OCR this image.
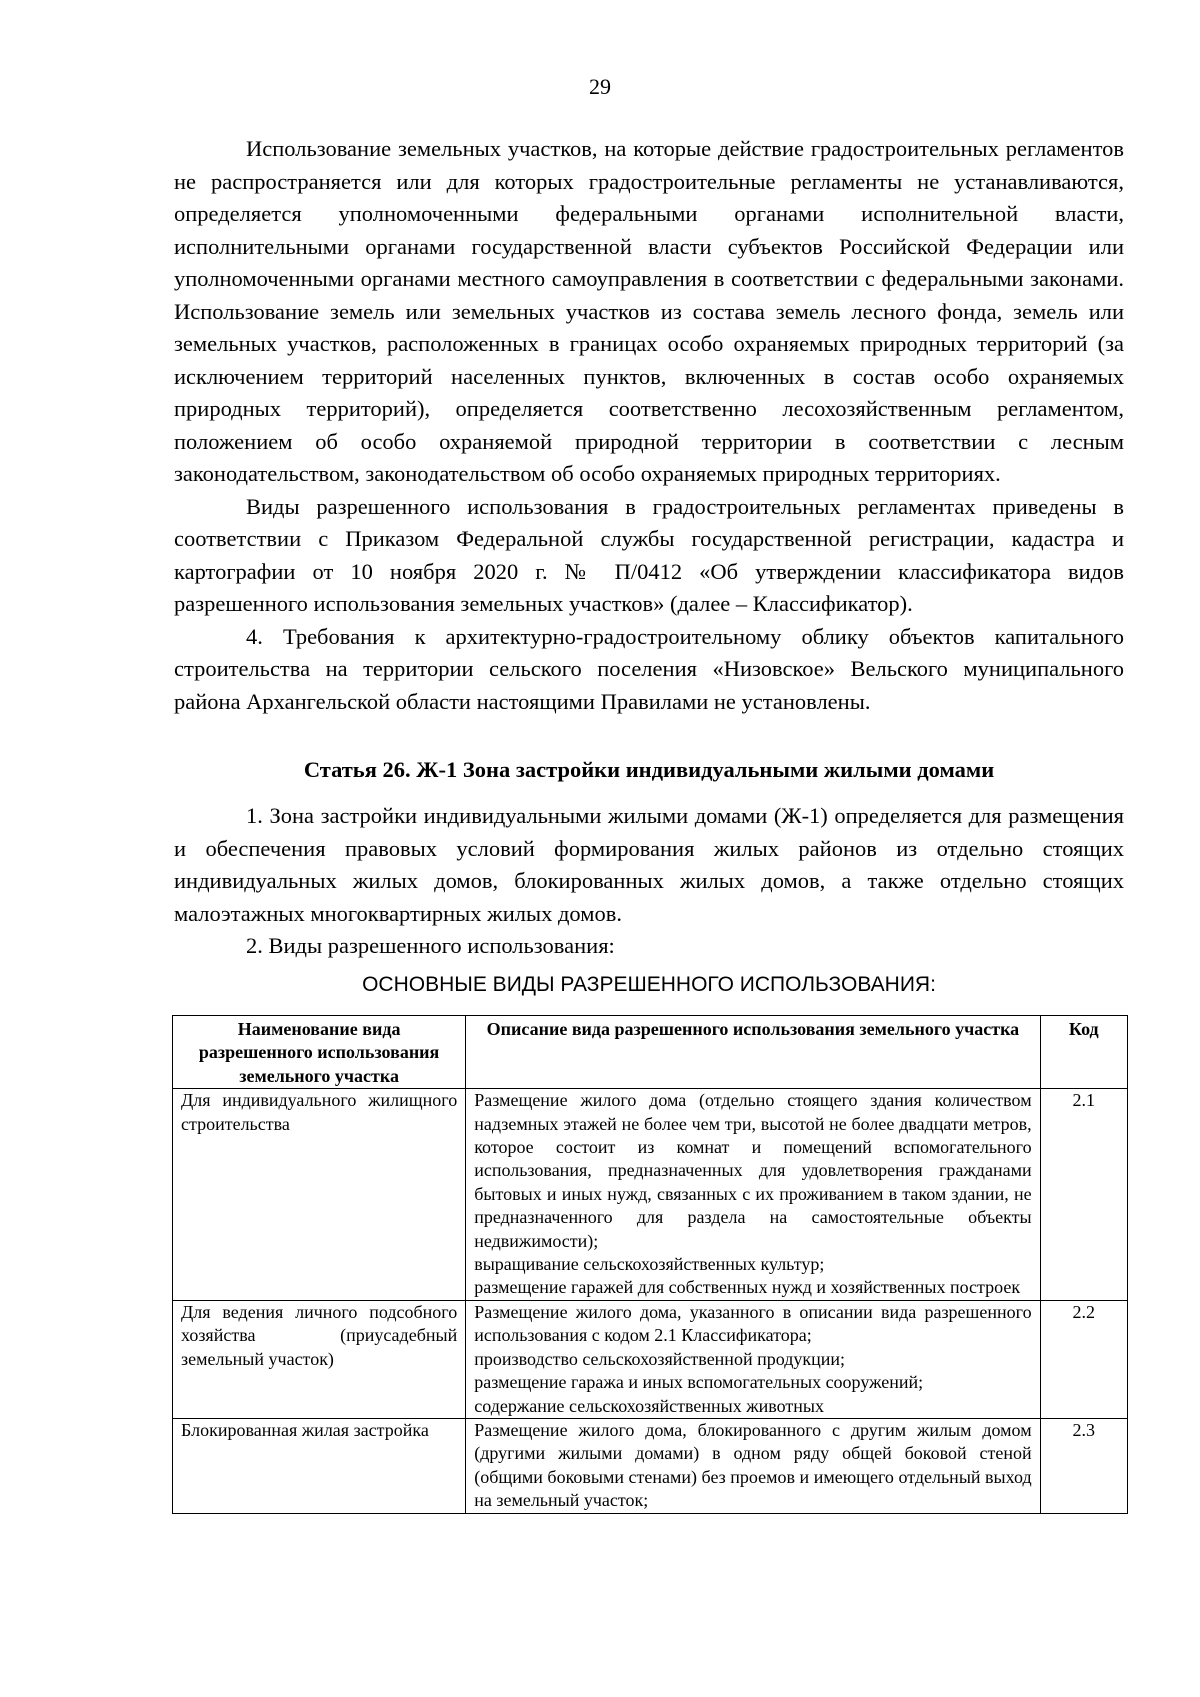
29

Использование земельных участков, на которые действие градостроительных регламентов не распространяется или для которых градостроительные регламенты не устанавливаются, определяется уполномоченными федеральными органами исполнительной власти, исполнительными органами государственной власти субъектов Российской Федерации или уполномоченными органами местного самоуправления в соответствии с федеральными законами. Использование земель или земельных участков из состава земель лесного фонда, земель или земельных участков, расположенных в границах особо охраняемых природных территорий (за исключением территорий населенных пунктов, включенных в состав особо охраняемых природных территорий), определяется соответственно лесохозяйственным регламентом, положением об особо охраняемой природной территории в соответствии с лесным законодательством, законодательством об особо охраняемых природных территориях.

Виды разрешенного использования в градостроительных регламентах приведены в соответствии с Приказом Федеральной службы государственной регистрации, кадастра и картографии от 10 ноября 2020 г. № П/0412 «Об утверждении классификатора видов разрешенного использования земельных участков» (далее – Классификатор).

4. Требования к архитектурно-градостроительному облику объектов капитального строительства на территории сельского поселения «Низовское» Вельского муниципального района Архангельской области настоящими Правилами не установлены.

Статья 26. Ж-1 Зона застройки индивидуальными жилыми домами

1. Зона застройки индивидуальными жилыми домами (Ж-1) определяется для размещения и обеспечения правовых условий формирования жилых районов из отдельно стоящих индивидуальных жилых домов, блокированных жилых домов, а также отдельно стоящих малоэтажных многоквартирных жилых домов.

2. Виды разрешенного использования:

ОСНОВНЫЕ ВИДЫ РАЗРЕШЕННОГО ИСПОЛЬЗОВАНИЯ:
Наименование вида разрешенного использования земельного участка	Описание вида разрешенного использования земельного участка	Код
Для индивидуального жилищного строительства	Размещение жилого дома (отдельно стоящего здания количеством надземных этажей не более чем три, высотой не более двадцати метров, которое состоит из комнат и помещений вспомогательного использования, предназначенных для удовлетворения гражданами бытовых и иных нужд, связанных с их проживанием в таком здании, не предназначенного для раздела на самостоятельные объекты недвижимости);
выращивание сельскохозяйственных культур;
размещение гаражей для собственных нужд и хозяйственных построек	2.1
Для ведения личного подсобного хозяйства (приусадебный земельный участок)	Размещение жилого дома, указанного в описании вида разрешенного использования с кодом 2.1 Классификатора;
производство сельскохозяйственной продукции;
размещение гаража и иных вспомогательных сооружений;
содержание сельскохозяйственных животных	2.2
Блокированная жилая застройка	Размещение жилого дома, блокированного с другим жилым домом (другими жилыми домами) в одном ряду общей боковой стеной (общими боковыми стенами) без проемов и имеющего отдельный выход на земельный участок;	2.3
